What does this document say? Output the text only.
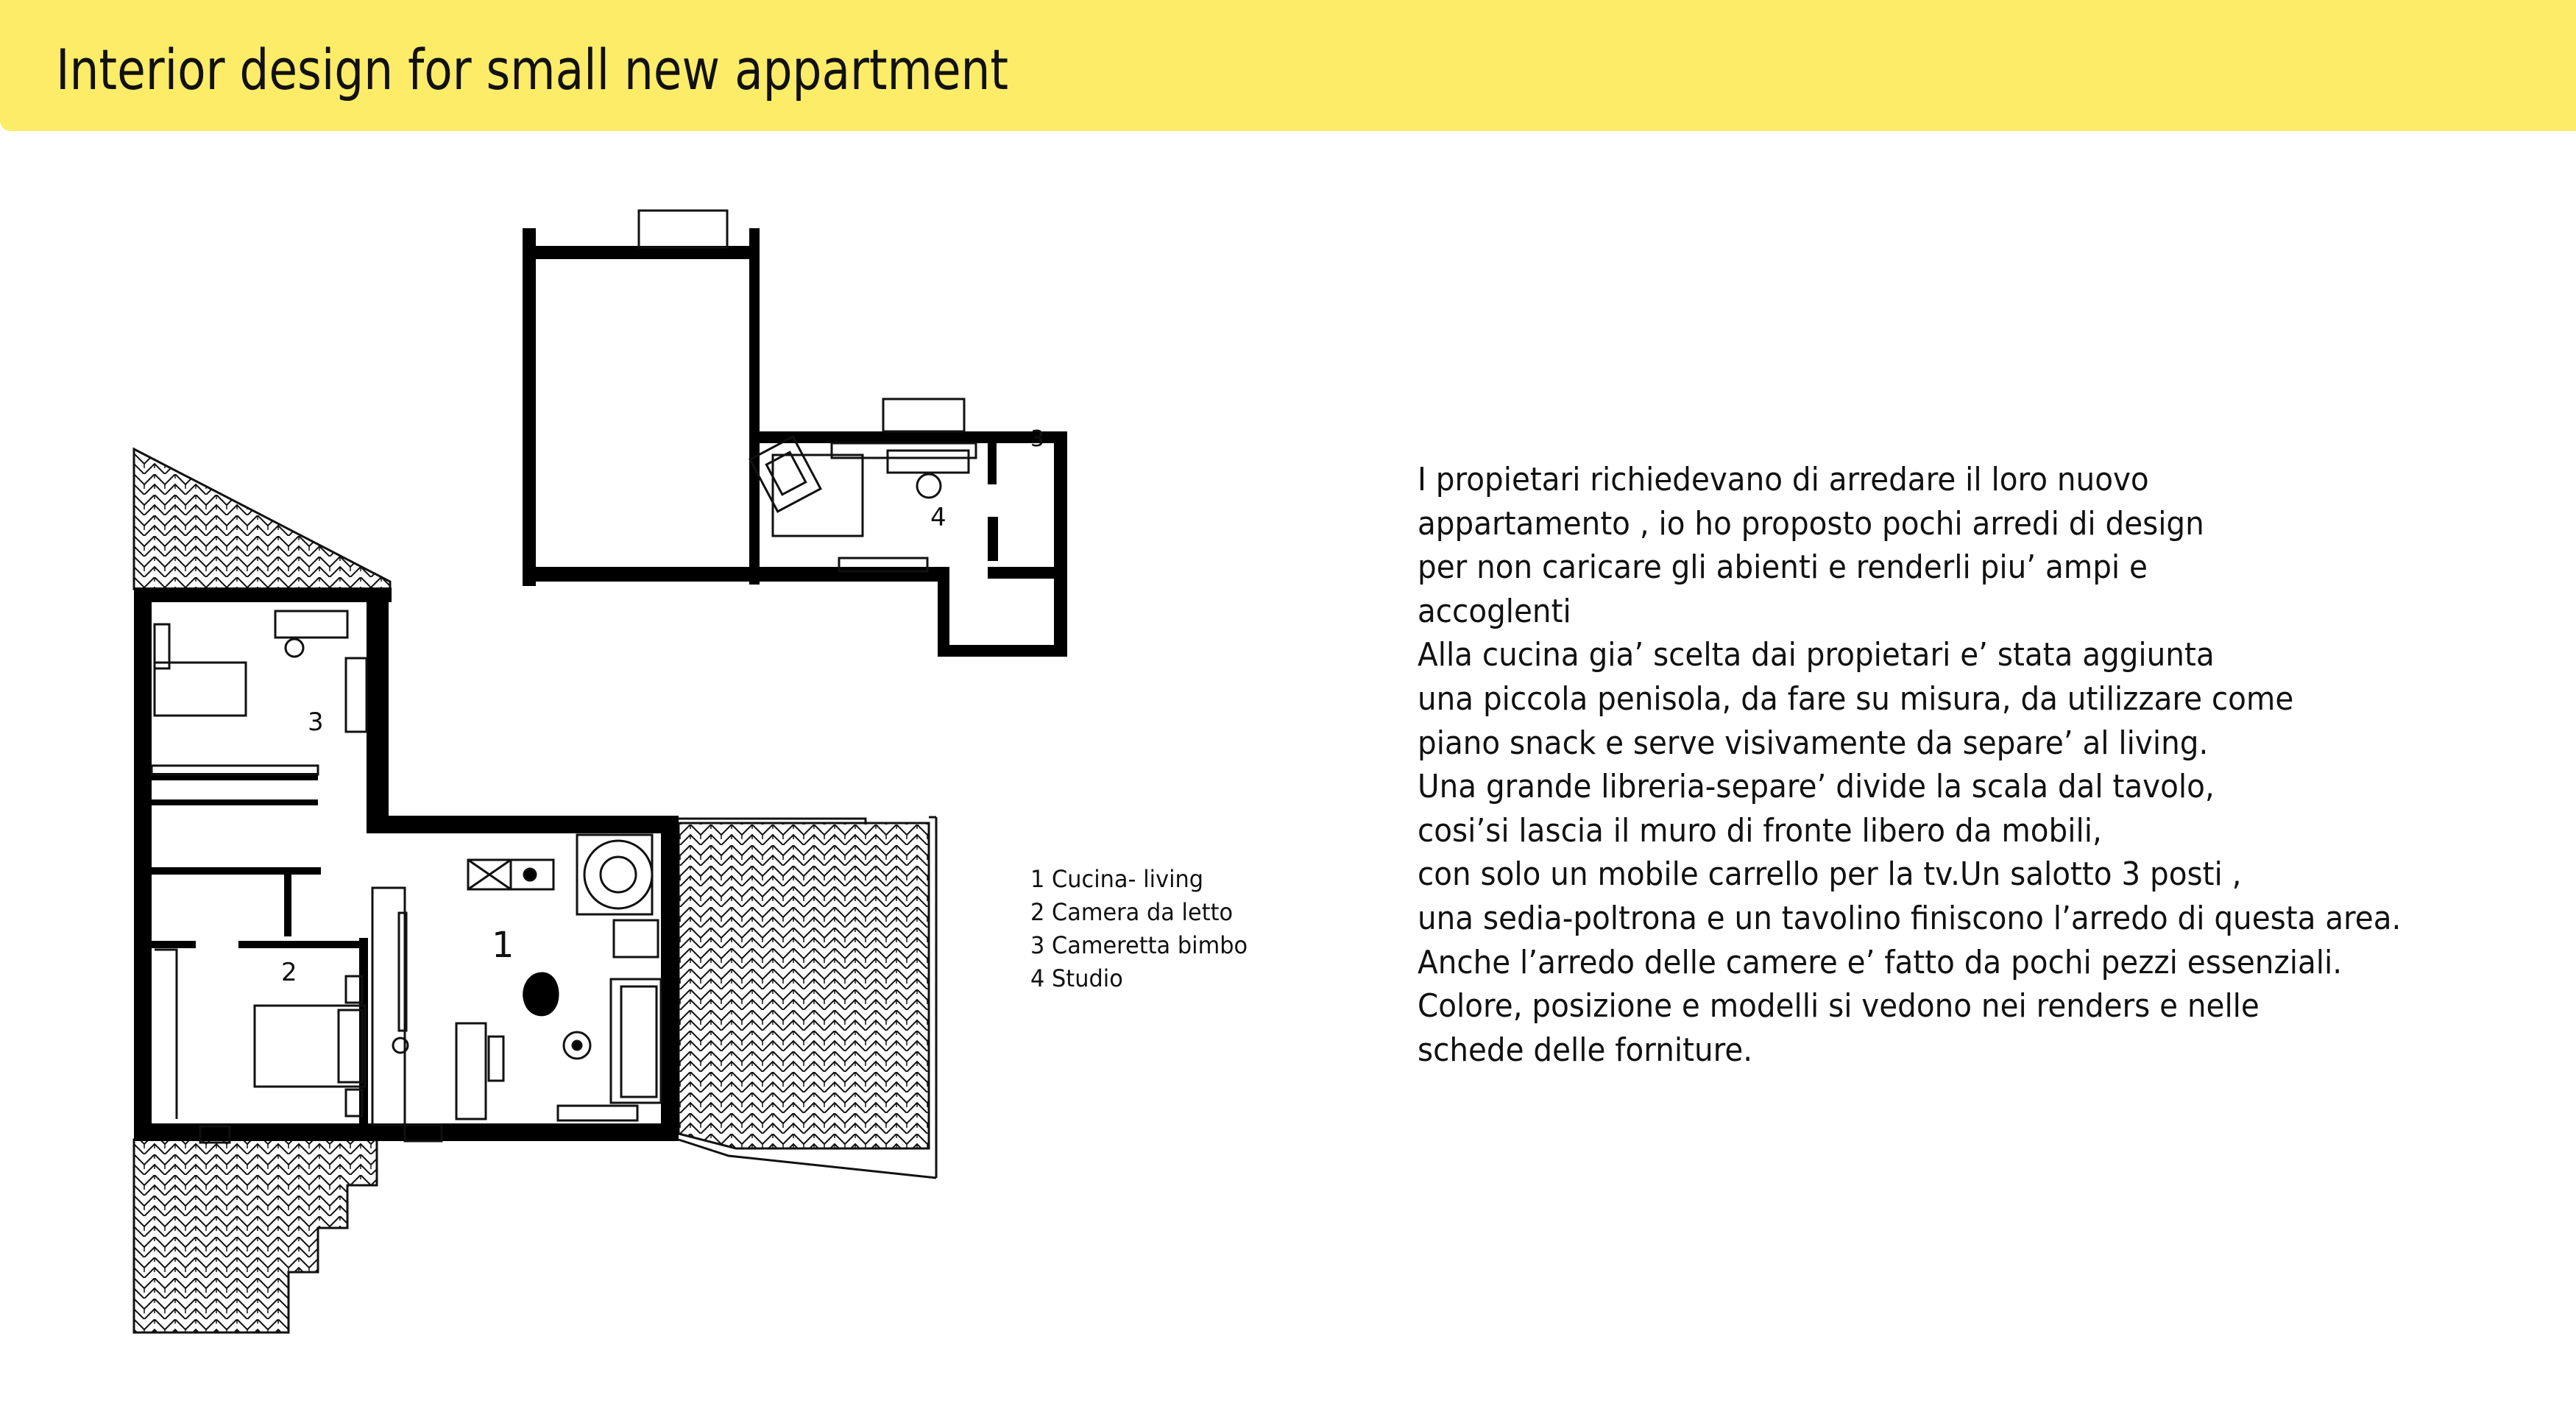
Interior design for small new appartment
1
2
3
4
3
1 Cucina- living
2 Camera da letto
3 Cameretta bimbo
4 Studio
I propietari richiedevano di arredare il loro nuovo
appartamento , io ho proposto pochi arredi di design
per non caricare gli abienti e renderli piu’ ampi e
accoglenti
Alla cucina gia’ scelta dai propietari e’ stata aggiunta
una piccola penisola, da fare su misura, da utilizzare come
piano snack e serve visivamente da separe’ al living.
Una grande libreria-separe’ divide la scala dal tavolo,
cosi’si lascia il muro di fronte libero da mobili,
con solo un mobile carrello per la tv.Un salotto 3 posti ,
una sedia-poltrona e un tavolino finiscono l’arredo di questa area.
Anche l’arredo delle camere e’ fatto da pochi pezzi essenziali.
Colore, posizione e modelli si vedono nei renders e nelle
schede delle forniture.
